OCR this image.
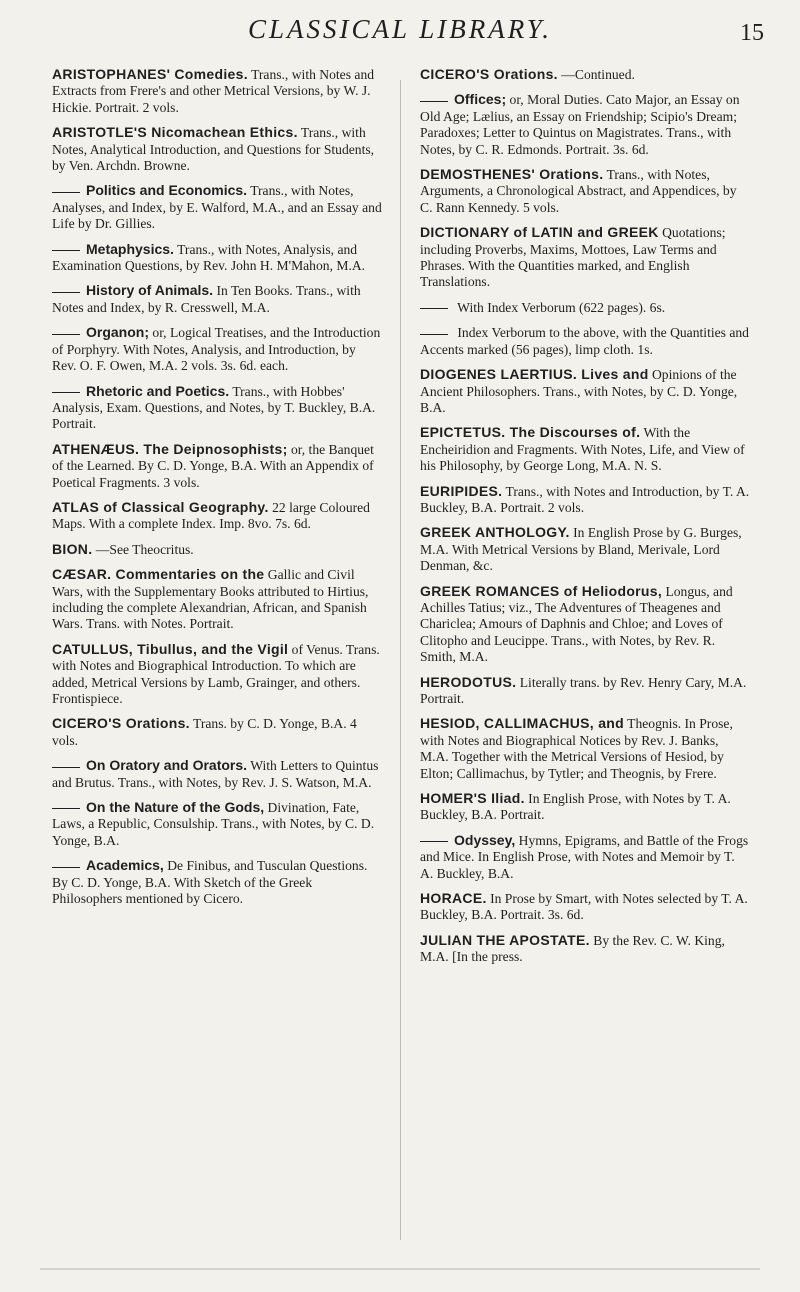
CLASSICAL LIBRARY.	15
ARISTOPHANES' Comedies. Trans., with Notes and Extracts from Frere's and other Metrical Versions, by W. J. Hickie. Portrait. 2 vols.
ARISTOTLE'S Nicomachean Ethics. Trans., with Notes, Analytical Introduction, and Questions for Students, by Ven. Archdn. Browne.
Politics and Economics. Trans., with Notes, Analyses, and Index, by E. Walford, M.A., and an Essay and Life by Dr. Gillies.
Metaphysics. Trans., with Notes, Analysis, and Examination Questions, by Rev. John H. M'Mahon, M.A.
History of Animals. In Ten Books. Trans., with Notes and Index, by R. Cresswell, M.A.
Organon; or, Logical Treatises, and the Introduction of Porphyry. With Notes, Analysis, and Introduction, by Rev. O. F. Owen, M.A. 2 vols. 3s. 6d. each.
Rhetoric and Poetics. Trans., with Hobbes' Analysis, Exam. Questions, and Notes, by T. Buckley, B.A. Portrait.
ATHENÆUS. The Deipnosophists; or, the Banquet of the Learned. By C. D. Yonge, B.A. With an Appendix of Poetical Fragments. 3 vols.
ATLAS of Classical Geography. 22 large Coloured Maps. With a complete Index. Imp. 8vo. 7s. 6d.
BION. —See Theocritus.
CÆSAR. Commentaries on the Gallic and Civil Wars, with the Supplementary Books attributed to Hirtius, including the complete Alexandrian, African, and Spanish Wars. Trans. with Notes. Portrait.
CATULLUS, Tibullus, and the Vigil of Venus. Trans. with Notes and Biographical Introduction. To which are added, Metrical Versions by Lamb, Grainger, and others. Frontispiece.
CICERO'S Orations. Trans. by C. D. Yonge, B.A. 4 vols.
On Oratory and Orators. With Letters to Quintus and Brutus. Trans., with Notes, by Rev. J. S. Watson, M.A.
On the Nature of the Gods, Divination, Fate, Laws, a Republic, Consulship. Trans., with Notes, by C. D. Yonge, B.A.
Academics, De Finibus, and Tusculan Questions. By C. D. Yonge, B.A. With Sketch of the Greek Philosophers mentioned by Cicero.
CICERO'S Orations. —Continued.
Offices; or, Moral Duties. Cato Major, an Essay on Old Age; Lælius, an Essay on Friendship; Scipio's Dream; Paradoxes; Letter to Quintus on Magistrates. Trans., with Notes, by C. R. Edmonds. Portrait. 3s. 6d.
DEMOSTHENES' Orations. Trans., with Notes, Arguments, a Chronological Abstract, and Appendices, by C. Rann Kennedy. 5 vols.
DICTIONARY of LATIN and GREEK Quotations; including Proverbs, Maxims, Mottoes, Law Terms and Phrases. With the Quantities marked, and English Translations.
With Index Verborum (622 pages). 6s.
Index Verborum to the above, with the Quantities and Accents marked (56 pages), limp cloth. 1s.
DIOGENES LAERTIUS. Lives and Opinions of the Ancient Philosophers. Trans., with Notes, by C. D. Yonge, B.A.
EPICTETUS. The Discourses of. With the Encheiridion and Fragments. With Notes, Life, and View of his Philosophy, by George Long, M.A. N. S.
EURIPIDES. Trans., with Notes and Introduction, by T. A. Buckley, B.A. Portrait. 2 vols.
GREEK ANTHOLOGY. In English Prose by G. Burges, M.A. With Metrical Versions by Bland, Merivale, Lord Denman, &c.
GREEK ROMANCES of Heliodorus, Longus, and Achilles Tatius; viz., The Adventures of Theagenes and Chariclea; Amours of Daphnis and Chloe; and Loves of Clitopho and Leucippe. Trans., with Notes, by Rev. R. Smith, M.A.
HERODOTUS. Literally trans. by Rev. Henry Cary, M.A. Portrait.
HESIOD, CALLIMACHUS, and Theognis. In Prose, with Notes and Biographical Notices by Rev. J. Banks, M.A. Together with the Metrical Versions of Hesiod, by Elton; Callimachus, by Tytler; and Theognis, by Frere.
HOMER'S Iliad. In English Prose, with Notes by T. A. Buckley, B.A. Portrait.
Odyssey, Hymns, Epigrams, and Battle of the Frogs and Mice. In English Prose, with Notes and Memoir by T. A. Buckley, B.A.
HORACE. In Prose by Smart, with Notes selected by T. A. Buckley, B.A. Portrait. 3s. 6d.
JULIAN THE APOSTATE. By the Rev. C. W. King, M.A. [In the press.
